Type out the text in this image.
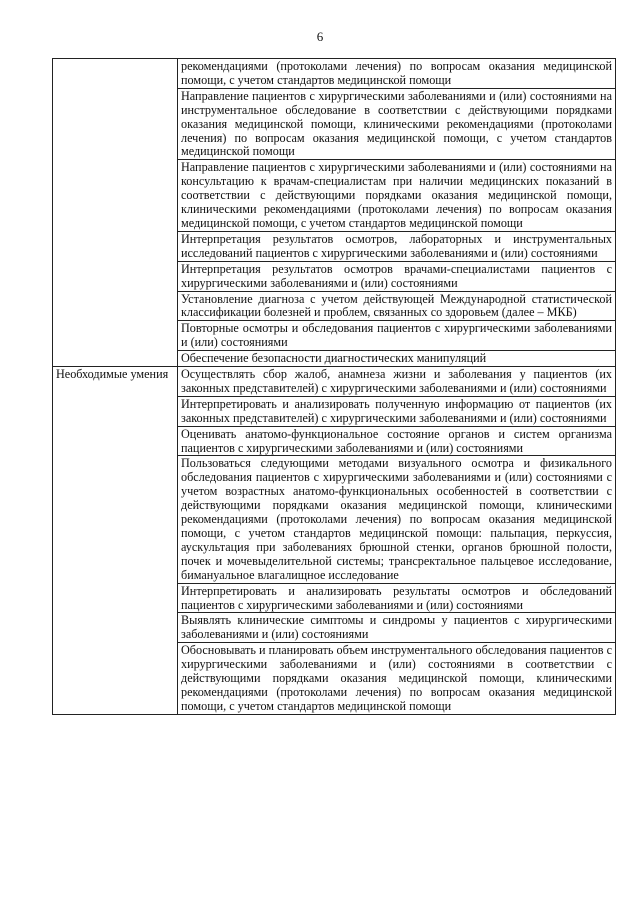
6
	рекомендациями (протоколами лечения) по вопросам оказания медицинской помощи, с учетом стандартов медицинской помощи
	Направление пациентов с хирургическими заболеваниями и (или) состояниями на инструментальное обследование в соответствии с действующими порядками оказания медицинской помощи, клиническими рекомендациями (протоколами лечения) по вопросам оказания медицинской помощи, с учетом стандартов медицинской помощи
	Направление пациентов с хирургическими заболеваниями и (или) состояниями на консультацию к врачам-специалистам при наличии медицинских показаний в соответствии с действующими порядками оказания медицинской помощи, клиническими рекомендациями (протоколами лечения) по вопросам оказания медицинской помощи, с учетом стандартов медицинской помощи
	Интерпретация результатов осмотров, лабораторных и инструментальных исследований пациентов с хирургическими заболеваниями и (или) состояниями
	Интерпретация результатов осмотров врачами-специалистами пациентов с хирургическими заболеваниями и (или) состояниями
	Установление диагноза с учетом действующей Международной статистической классификации болезней и проблем, связанных со здоровьем (далее – МКБ)
	Повторные осмотры и обследования пациентов с хирургическими заболеваниями и (или) состояниями
	Обеспечение безопасности диагностических манипуляций
Необходимые умения	Осуществлять сбор жалоб, анамнеза жизни и заболевания у пациентов (их законных представителей) с хирургическими заболеваниями и (или) состояниями
	Интерпретировать и анализировать полученную информацию от пациентов (их законных представителей) с хирургическими заболеваниями и (или) состояниями
	Оценивать анатомо-функциональное состояние органов и систем организма пациентов с хирургическими заболеваниями и (или) состояниями
	Пользоваться следующими методами визуального осмотра и физикального обследования пациентов с хирургическими заболеваниями и (или) состояниями с учетом возрастных анатомо-функциональных особенностей в соответствии с действующими порядками оказания медицинской помощи, клиническими рекомендациями (протоколами лечения) по вопросам оказания медицинской помощи, с учетом стандартов медицинской помощи: пальпация, перкуссия, аускультация при заболеваниях брюшной стенки, органов брюшной полости, почек и мочевыделительной системы; трансректальное пальцевое исследование, бимануальное влагалищное исследование
	Интерпретировать и анализировать результаты осмотров и обследований пациентов с хирургическими заболеваниями и (или) состояниями
	Выявлять клинические симптомы и синдромы у пациентов с хирургическими заболеваниями и (или) состояниями
	Обосновывать и планировать объем инструментального обследования пациентов с хирургическими заболеваниями и (или) состояниями в соответствии с действующими порядками оказания медицинской помощи, клиническими рекомендациями (протоколами лечения) по вопросам оказания медицинской помощи, с учетом стандартов медицинской помощи
